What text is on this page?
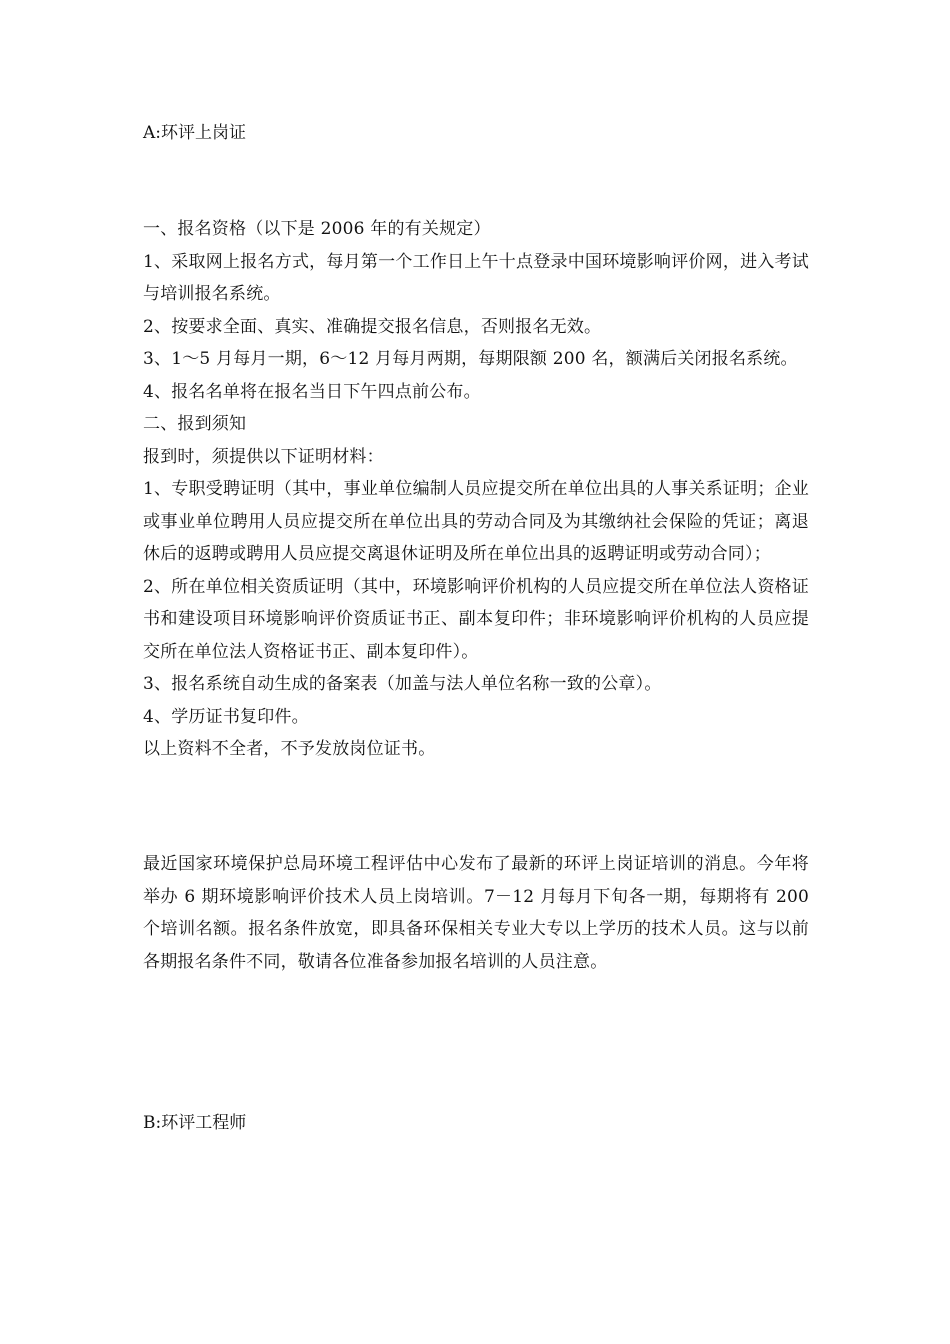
A:环评上岗证

一、报名资格（以下是 2006 年的有关规定）

1、采取网上报名方式，每月第一个工作日上午十点登录中国环境影响评价网，进入考试与培训报名系统。

2、按要求全面、真实、准确提交报名信息，否则报名无效。

3、1～5 月每月一期，6～12 月每月两期，每期限额 200 名，额满后关闭报名系统。

4、报名名单将在报名当日下午四点前公布。

二、报到须知

报到时，须提供以下证明材料：

1、专职受聘证明（其中，事业单位编制人员应提交所在单位出具的人事关系证明；企业或事业单位聘用人员应提交所在单位出具的劳动合同及为其缴纳社会保险的凭证；离退休后的返聘或聘用人员应提交离退休证明及所在单位出具的返聘证明或劳动合同）；

2、所在单位相关资质证明（其中，环境影响评价机构的人员应提交所在单位法人资格证书和建设项目环境影响评价资质证书正、副本复印件；非环境影响评价机构的人员应提交所在单位法人资格证书正、副本复印件）。

3、报名系统自动生成的备案表（加盖与法人单位名称一致的公章）。

4、学历证书复印件。

以上资料不全者，不予发放岗位证书。

最近国家环境保护总局环境工程评估中心发布了最新的环评上岗证培训的消息。今年将举办 6 期环境影响评价技术人员上岗培训。7－12 月每月下旬各一期，每期将有 200 个培训名额。报名条件放宽，即具备环保相关专业大专以上学历的技术人员。这与以前各期报名条件不同，敬请各位准备参加报名培训的人员注意。

B:环评工程师
